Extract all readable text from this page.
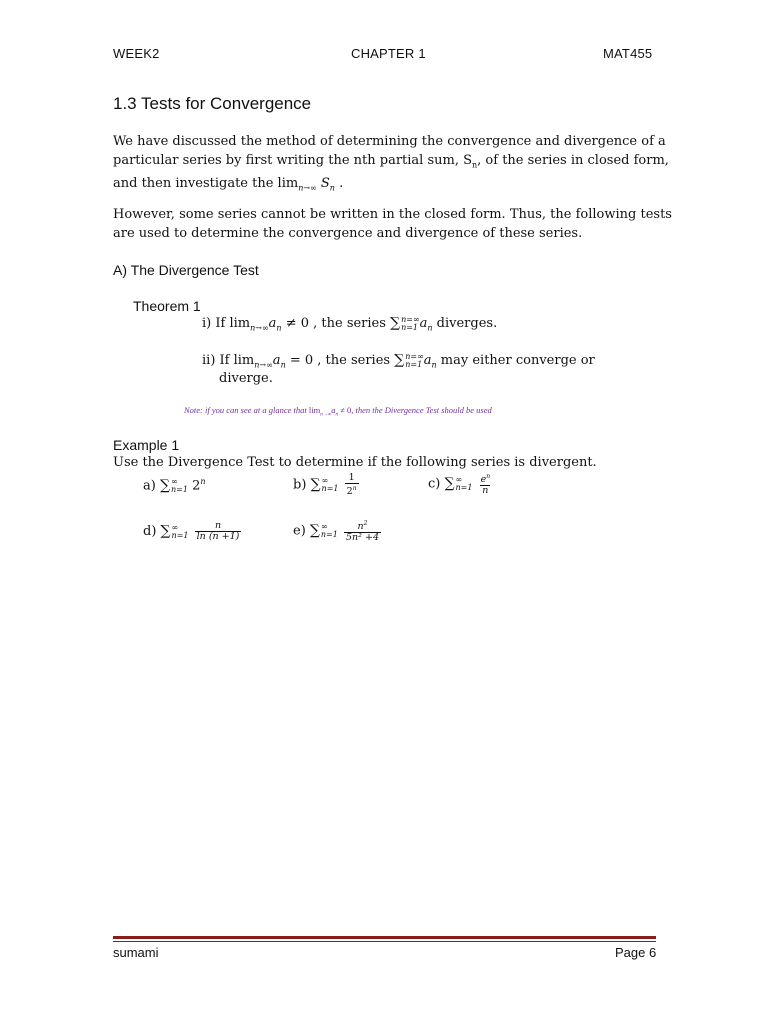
WEEK2	CHAPTER 1	MAT455
1.3 Tests for Convergence
We have discussed the method of determining the convergence and divergence of a particular series by first writing the nth partial sum, $S_n$, of the series in closed form, and then investigate the $\lim_{n\to\infty} S_n$ .
However, some series cannot be written in the closed form. Thus, the following tests are used to determine the convergence and divergence of these series.
A) The Divergence Test
Theorem 1
i) If $\lim_{n\to\infty}a_n \ne 0$ , the series ∑ n=∞
n=1 $a_n$ diverges.
ii) If $\lim_{n\to\infty}a_n = 0$ , the series ∑ n=∞
n=1 $a_n$ may either converge or
diverge.
Note: if you can see at a glance that $\lim_{n\to\infty}a_n \ne 0$, then the Divergence Test should be used
Example 1
Use the Divergence Test to determine if the following series is divergent.
a) ∑ ∞
n=1 2$^n$	b) ∑ ∞
n=1
$\frac{1}{2^n}$	c) ∑ ∞
n=1
$\frac{e^n}{n}$
d) ∑ ∞
n=1
$\frac{n}{\ln (n +1)}$	e) ∑ ∞
n=1
$\frac{n^2}{\text{5n² +4}}$
sumami	Page 6
